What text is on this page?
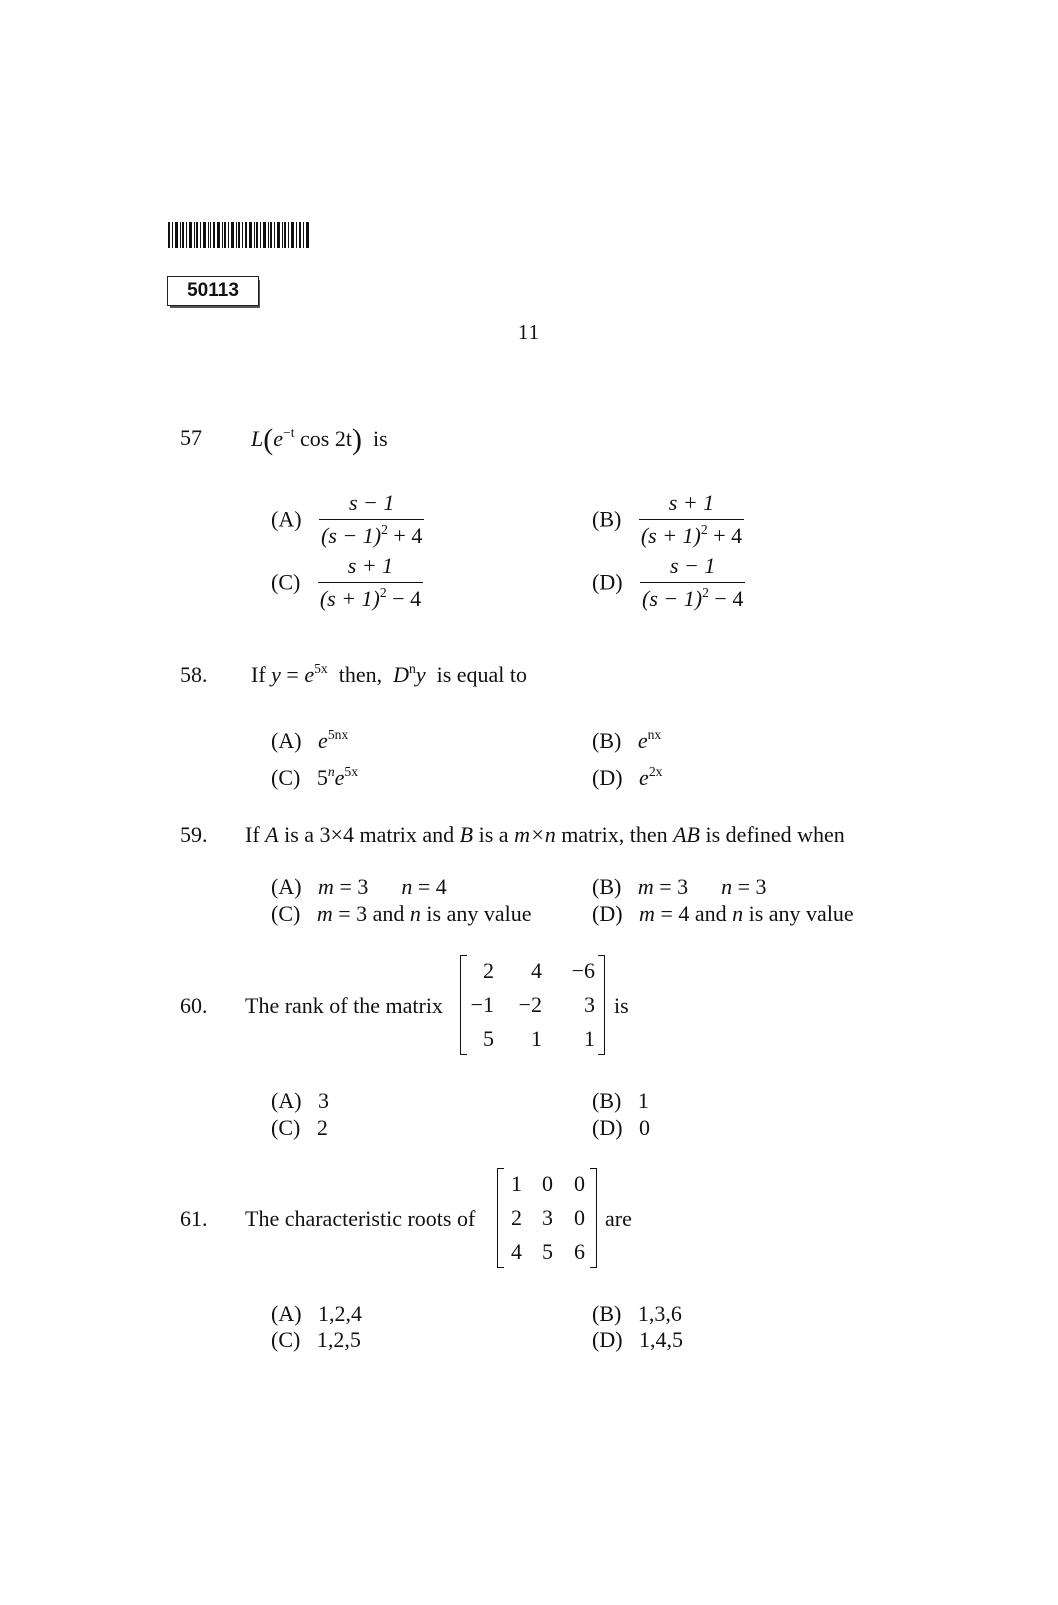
50113
11
57 $L(e^{-t}$ cos 2t) is
$(A) \frac{s - 1}{(s - 1)^2 + 4}$	$(B) \frac{s + 1}{(s + 1)^2 + 4}$
$(C) \frac{s + 1}{(s + 1)^2 - 4}$	$(D) \frac{s - 1}{(s - 1)^2 - 4}$
58. If $y = e^{5x}$ then, $D^ny$ is equal to
(A) $e^{5nx}$	(B) $e^{nx}$
(C) $5^ne^{5x}$	(D) $e^{2x}$
59. If A is a 3×4 matrix and B is a m×n matrix, then AB is defined when
(A) m = 3 n = 4	(B) m = 3 n = 3
(C) m = 3 and n is any value	(D) m = 4 and n is any value
60. The rank of the matrix
2	4	−6
−1	−2	3
5	1	1
is
(A) 3	(B) 1
(C) 2	(D) 0
61. The characteristic roots of
1 0 0
2 3 0
4 5 6
are
(A) 1,2,4	(B) 1,3,6
(C) 1,2,5	(D) 1,4,5
